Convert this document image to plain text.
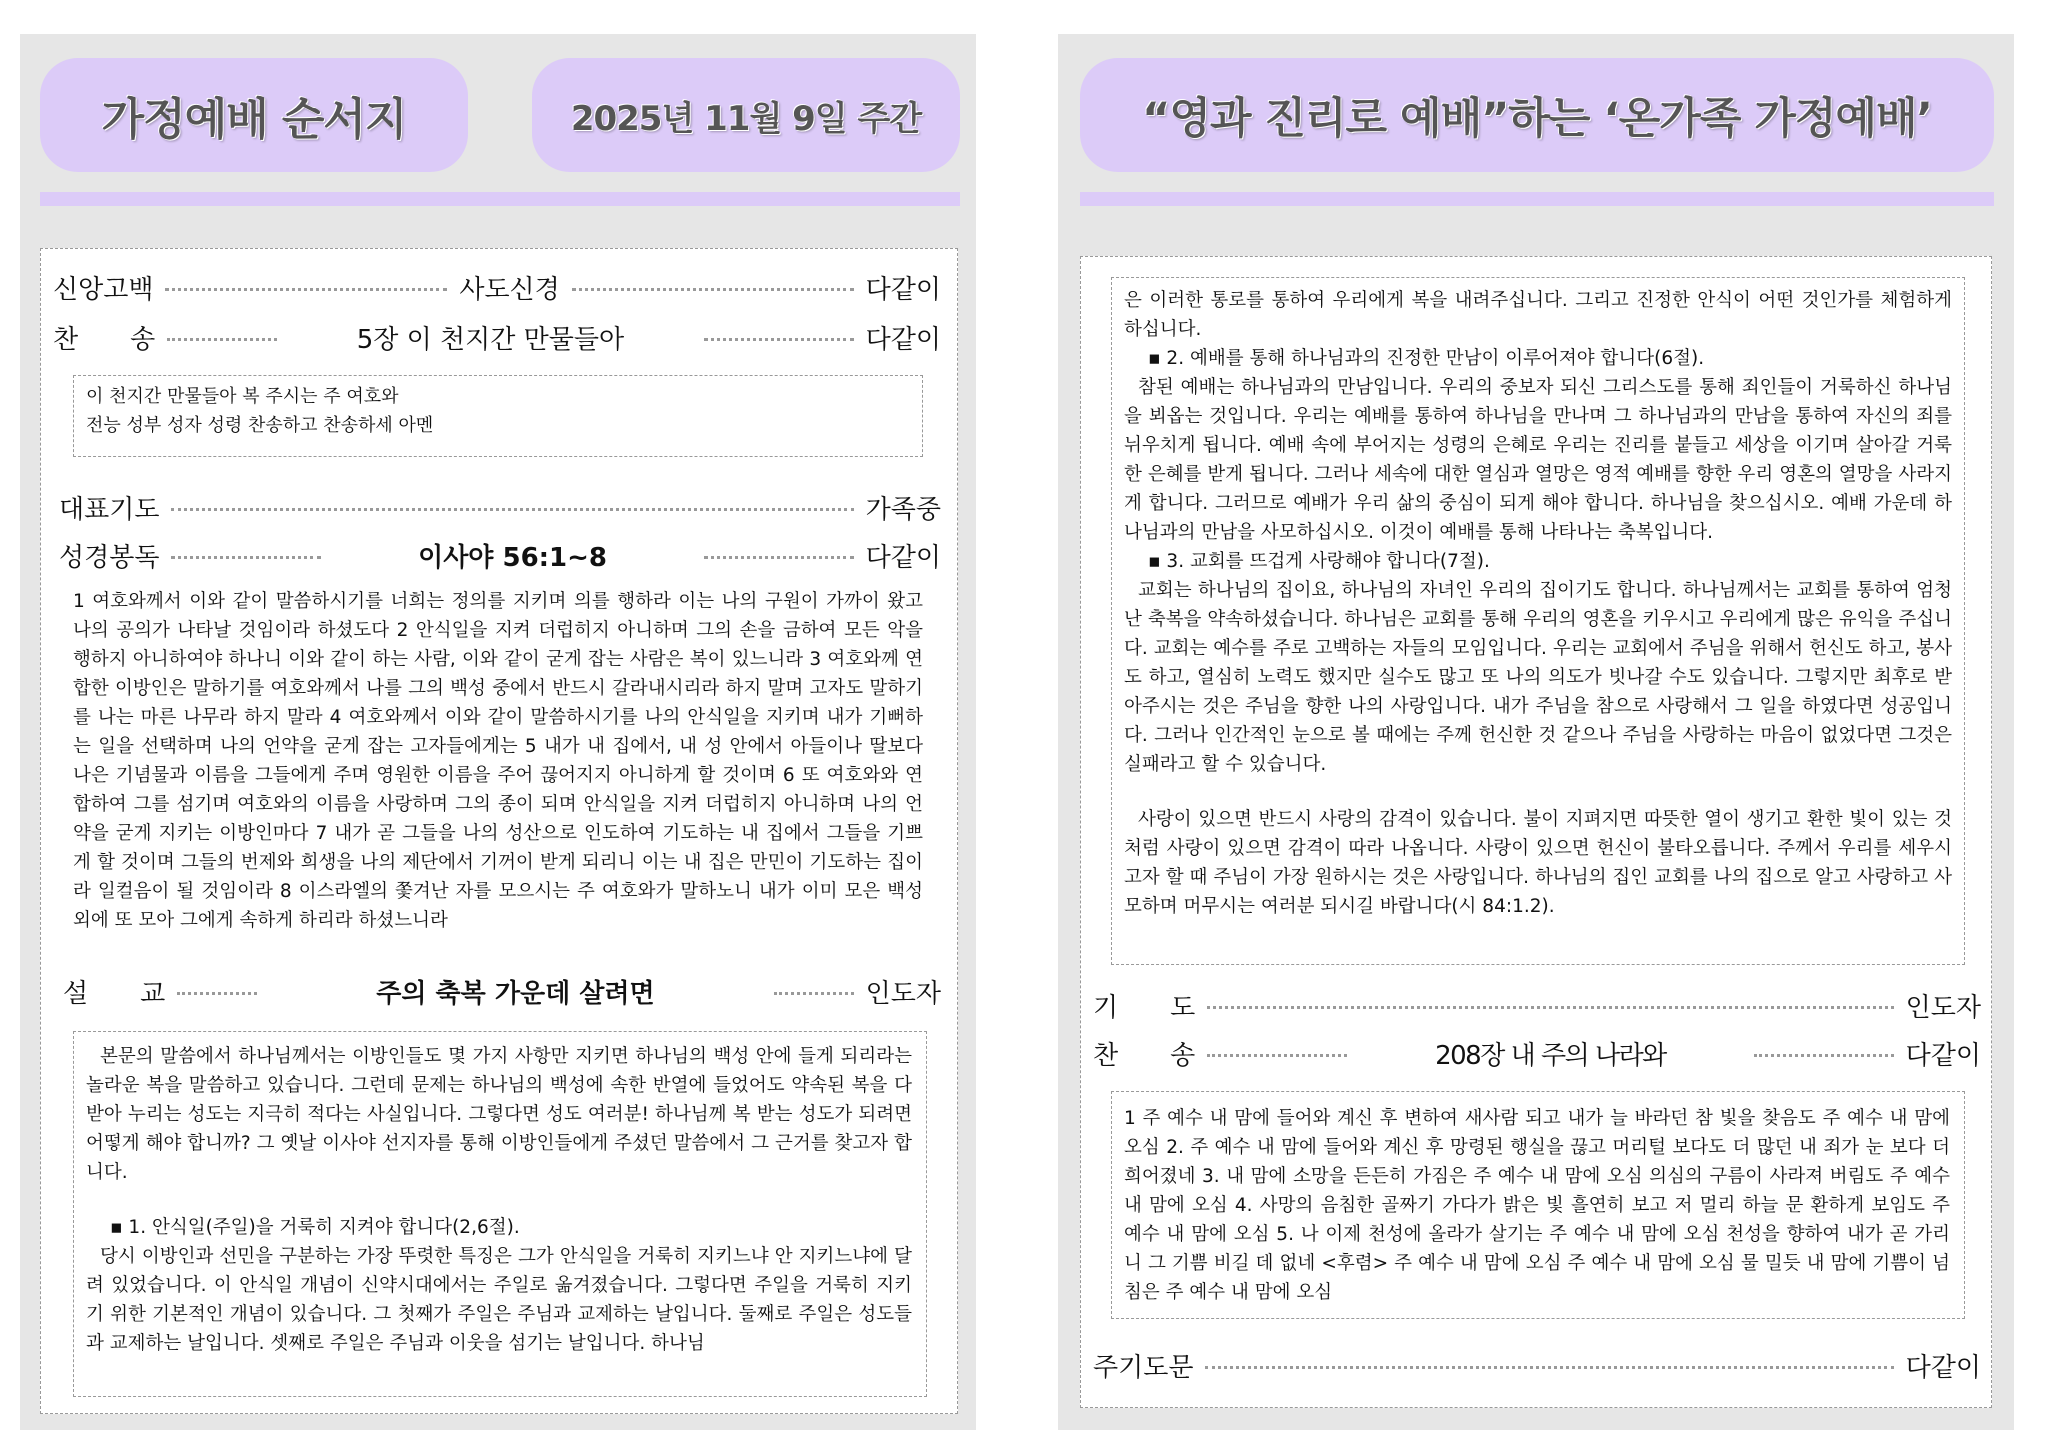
가정예배 순서지	2025년 11월 9일 주간
신앙고백	사도신경	다같이
찬　　송	5장 이 천지간 만물들아	다같이

이 천지간 만물들아 복 주시는 주 여호와

전능 성부 성자 성령 찬송하고 찬송하세 아멘

대표기도	가족중
성경봉독	이사야 56:1~8	다같이
1 여호와께서 이와 같이 말씀하시기를 너희는 정의를 지키며 의를 행하라 이는 나의 구원이 가까이 왔고 나의 공의가 나타날 것임이라 하셨도다 2 안식일을 지켜 더럽히지 아니하며 그의 손을 금하여 모든 악을 행하지 아니하여야 하나니 이와 같이 하는 사람, 이와 같이 굳게 잡는 사람은 복이 있느니라 3 여호와께 연합한 이방인은 말하기를 여호와께서 나를 그의 백성 중에서 반드시 갈라내시리라 하지 말며 고자도 말하기를 나는 마른 나무라 하지 말라 4 여호와께서 이와 같이 말씀하시기를 나의 안식일을 지키며 내가 기뻐하는 일을 선택하며 나의 언약을 굳게 잡는 고자들에게는 5 내가 내 집에서, 내 성 안에서 아들이나 딸보다 나은 기념물과 이름을 그들에게 주며 영원한 이름을 주어 끊어지지 아니하게 할 것이며 6 또 여호와와 연합하여 그를 섬기며 여호와의 이름을 사랑하며 그의 종이 되며 안식일을 지켜 더럽히지 아니하며 나의 언약을 굳게 지키는 이방인마다 7 내가 곧 그들을 나의 성산으로 인도하여 기도하는 내 집에서 그들을 기쁘게 할 것이며 그들의 번제와 희생을 나의 제단에서 기꺼이 받게 되리니 이는 내 집은 만민이 기도하는 집이라 일컬음이 될 것임이라 8 이스라엘의 쫓겨난 자를 모으시는 주 여호와가 말하노니 내가 이미 모은 백성 외에 또 모아 그에게 속하게 하리라 하셨느니라
설　　교	주의 축복 가운데 살려면	인도자

본문의 말씀에서 하나님께서는 이방인들도 몇 가지 사항만 지키면 하나님의 백성 안에 들게 되리라는 놀라운 복을 말씀하고 있습니다. 그런데 문제는 하나님의 백성에 속한 반열에 들었어도 약속된 복을 다 받아 누리는 성도는 지극히 적다는 사실입니다. 그렇다면 성도 여러분! 하나님께 복 받는 성도가 되려면 어떻게 해야 합니까? 그 옛날 이사야 선지자를 통해 이방인들에게 주셨던 말씀에서 그 근거를 찾고자 합니다.

▪ 1. 안식일(주일)을 거룩히 지켜야 합니다(2,6절).

당시 이방인과 선민을 구분하는 가장 뚜렷한 특징은 그가 안식일을 거룩히 지키느냐 안 지키느냐에 달려 있었습니다. 이 안식일 개념이 신약시대에서는 주일로 옮겨졌습니다. 그렇다면 주일을 거룩히 지키기 위한 기본적인 개념이 있습니다. 그 첫째가 주일은 주님과 교제하는 날입니다. 둘째로 주일은 성도들과 교제하는 날입니다. 셋째로 주일은 주님과 이웃을 섬기는 날입니다. 하나님

“영과 진리로 예배”하는 ‘온가족 가정예배’

은 이러한 통로를 통하여 우리에게 복을 내려주십니다. 그리고 진정한 안식이 어떤 것인가를 체험하게 하십니다.

▪ 2. 예배를 통해 하나님과의 진정한 만남이 이루어져야 합니다(6절).

참된 예배는 하나님과의 만남입니다. 우리의 중보자 되신 그리스도를 통해 죄인들이 거룩하신 하나님을 뵈옵는 것입니다. 우리는 예배를 통하여 하나님을 만나며 그 하나님과의 만남을 통하여 자신의 죄를 뉘우치게 됩니다. 예배 속에 부어지는 성령의 은혜로 우리는 진리를 붙들고 세상을 이기며 살아갈 거룩한 은혜를 받게 됩니다. 그러나 세속에 대한 열심과 열망은 영적 예배를 향한 우리 영혼의 열망을 사라지게 합니다. 그러므로 예배가 우리 삶의 중심이 되게 해야 합니다. 하나님을 찾으십시오. 예배 가운데 하나님과의 만남을 사모하십시오. 이것이 예배를 통해 나타나는 축복입니다.

▪ 3. 교회를 뜨겁게 사랑해야 합니다(7절).

교회는 하나님의 집이요, 하나님의 자녀인 우리의 집이기도 합니다. 하나님께서는 교회를 통하여 엄청난 축복을 약속하셨습니다. 하나님은 교회를 통해 우리의 영혼을 키우시고 우리에게 많은 유익을 주십니다. 교회는 예수를 주로 고백하는 자들의 모임입니다. 우리는 교회에서 주님을 위해서 헌신도 하고, 봉사도 하고, 열심히 노력도 했지만 실수도 많고 또 나의 의도가 빗나갈 수도 있습니다. 그렇지만 최후로 받아주시는 것은 주님을 향한 나의 사랑입니다. 내가 주님을 참으로 사랑해서 그 일을 하였다면 성공입니다. 그러나 인간적인 눈으로 볼 때에는 주께 헌신한 것 같으나 주님을 사랑하는 마음이 없었다면 그것은 실패라고 할 수 있습니다.

사랑이 있으면 반드시 사랑의 감격이 있습니다. 불이 지펴지면 따뜻한 열이 생기고 환한 빛이 있는 것처럼 사랑이 있으면 감격이 따라 나옵니다. 사랑이 있으면 헌신이 불타오릅니다. 주께서 우리를 세우시고자 할 때 주님이 가장 원하시는 것은 사랑입니다. 하나님의 집인 교회를 나의 집으로 알고 사랑하고 사모하며 머무시는 여러분 되시길 바랍니다(시 84:1.2).

기　　도	인도자
찬　　송	208장 내 주의 나라와	다같이
1 주 예수 내 맘에 들어와 계신 후 변하여 새사람 되고 내가 늘 바라던 참 빛을 찾음도 주 예수 내 맘에 오심 2. 주 예수 내 맘에 들어와 계신 후 망령된 행실을 끊고 머리털 보다도 더 많던 내 죄가 눈 보다 더 희어졌네 3. 내 맘에 소망을 든든히 가짐은 주 예수 내 맘에 오심 의심의 구름이 사라져 버림도 주 예수 내 맘에 오심 4. 사망의 음침한 골짜기 가다가 밝은 빛 흘연히 보고 저 멀리 하늘 문 환하게 보임도 주 예수 내 맘에 오심 5. 나 이제 천성에 올라가 살기는 주 예수 내 맘에 오심 천성을 향하여 내가 곧 가리니 그 기쁨 비길 데 없네 <후렴> 주 예수 내 맘에 오심 주 예수 내 맘에 오심 물 밀듯 내 맘에 기쁨이 넘침은 주 예수 내 맘에 오심
주기도문	다같이
